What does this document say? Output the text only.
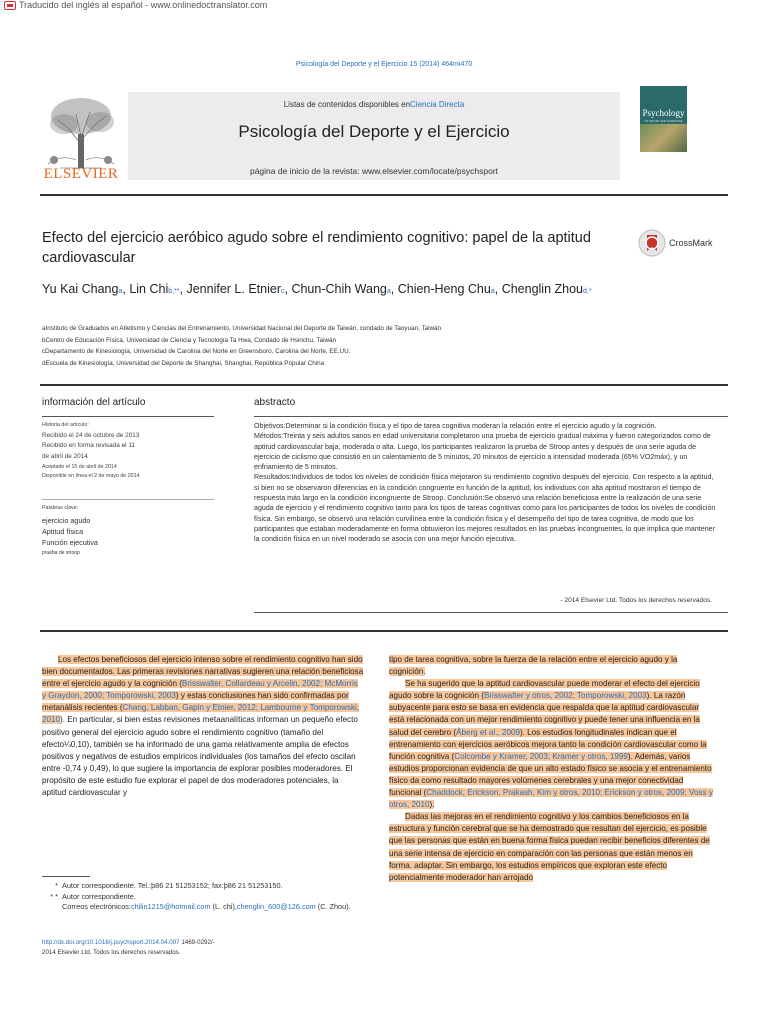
Traducido del inglés al español - www.onlinedoctranslator.com
Psicología del Deporte y el Ejercicio 15 (2014) 464mi470
ELSEVIER
Listas de contenidos disponibles enCiencia Directa
Psicología del Deporte y el Ejercicio
página de inicio de la revista: www.elsevier.com/locate/psychsport
Psychology
OF SPORT AND EXERCISE
Efecto del ejercicio aeróbico agudo sobre el rendimiento cognitivo: papel de la aptitud cardiovascular
CrossMark
Yu Kai Changa, Lin Chib,**, Jennifer L. Etnierc, Chun-Chih Wanga, Chien-Heng Chua, Chenglin Zhoud,*
aInstituto de Graduados en Atletismo y Ciencias del Entrenamiento, Universidad Nacional del Deporte de Taiwán, condado de Taoyuan, Taiwán
bCentro de Educación Física, Universidad de Ciencia y Tecnología Ta Hwa, Condado de Hsinchu, Taiwán
cDepartamento de Kinesiología, Universidad de Carolina del Norte en Greensboro, Carolina del Norte, EE.UU.
dEscuela de Kinesiología, Universidad del Deporte de Shanghai, Shanghai, República Popular China
información del artículo
Historia del artículo:
Recibido el 24 de octubre de 2013
Recibido en forma revisada el 11
de abril de 2014
Aceptado el 15 de abril de 2014
Disponible en línea el 2 de mayo de 2014
Palabras clave:
ejercicio agudo
Aptitud física
Función ejecutiva
prueba de stroop
abstracto

Objetivos:Determinar si la condición física y el tipo de tarea cognitiva moderan la relación entre el ejercicio agudo y la cognición.

Métodos:Treinta y seis adultos sanos en edad universitaria completaron una prueba de ejercicio gradual máxima y fueron categorizados como de aptitud cardiovascular baja, moderada o alta. Luego, los participantes realizaron la prueba de Stroop antes y después de una serie aguda de ejercicio de ciclismo que consistió en un calentamiento de 5 minutos, 20 minutos de ejercicio a intensidad moderada (65% VO2máx), y un enfriamiento de 5 minutos.

Resultados:Individuos de todos los niveles de condición física mejoraron su rendimiento cognitivo después del ejercicio. Con respecto a la aptitud, si bien no se observaron diferencias en la condición congruente en función de la aptitud, los individuos con alta aptitud mostraron el tiempo de respuesta más largo en la condición incongruente de Stroop. Conclusión:Se observó una relación beneficiosa entre la realización de una serie aguda de ejercicio y el rendimiento cognitivo tanto para los tipos de tareas cognitivas como para los participantes de todos los niveles de condición física. Sin embargo, se observó una relación curvilínea entre la condición física y el desempeño del tipo de tarea cognitiva, de modo que los participantes que estaban moderadamente en forma obtuvieron los mejores resultados en las pruebas incongruentes, lo que implica que mantener la condición física en un nivel moderado se asocia con una mejor función ejecutiva.

- 2014 Elsevier Ltd. Todos los derechos reservados.
Los efectos beneficiosos del ejercicio intenso sobre el rendimiento cognitivo han sido bien documentados. Las primeras revisiones narrativas sugieren una relación beneficiosa entre el ejercicio agudo y la cognición (Brisswalter, Collardeau y Arcelin, 2002; McMorris y Graydon, 2000; Tomporowski, 2003) y estas conclusiones han sido confirmadas por metanálisis recientes (Chang, Labban, Gapin y Etnier, 2012; Lambourne y Tomporowski, 2010). En particular, si bien estas revisiones metaanalíticas informan un pequeño efecto positivo general del ejercicio agudo sobre el rendimiento cognitivo (tamaño del efecto¼0,10), también se ha informado de una gama relativamente amplia de efectos positivos y negativos de estudios empíricos individuales (los tamaños del efecto oscilan entre -0,74 y 0,49), lo que sugiere la importancia de explorar posibles moderadores. El propósito de este estudio fue explorar el papel de dos moderadores potenciales, la aptitud cardiovascular y
tipo de tarea cognitiva, sobre la fuerza de la relación entre el ejercicio agudo y la cognición.
Se ha sugerido que la aptitud cardiovascular puede moderar el efecto del ejercicio agudo sobre la cognición (Brisswalter y otros, 2002; Tomporowski, 2003). La razón subyacente para esto se basa en evidencia que respalda que la aptitud cardiovascular está relacionada con un mejor rendimiento cognitivo y puede tener una influencia en la salud del cerebro (Åberg et al., 2009). Los estudios longitudinales indican que el entrenamiento con ejercicios aeróbicos mejora tanto la condición cardiovascular como la función cognitiva (Colcombe y Kramer, 2003; Kramer y otros, 1999). Además, varios estudios proporcionan evidencia de que un alto estado físico se asocia y el entrenamiento físico da como resultado mayores volúmenes cerebrales y una mejor conectividad funcional (Chaddock, Erickson, Prakash, Kim y otros, 2010; Erickson y otros, 2009; Voss y otros, 2010).
Dadas las mejoras en el rendimiento cognitivo y los cambios beneficiosos en la estructura y función cerebral que se ha demostrado que resultan del ejercicio, es posible que las personas que están en buena forma física puedan recibir beneficios diferentes de una serie intensa de ejercicio en comparación con las personas que están menos en forma. adaptar. Sin embargo, los estudios empíricos que exploran este efecto potencialmente moderador han arrojado
* Autor correspondiente. Tel.:þ86 21 51253152; fax:þ86 21 51253150.
* * Autor correspondiente.
Correos electrónicos:chilin1215@hotmail.com (L. chi),chenglin_600@126.com (C. Zhou).
http://dx.doi.org/10.1016/j.psychsport.2014.04.007 1469-0292/-
2014 Elsevier Ltd. Todos los derechos reservados.
